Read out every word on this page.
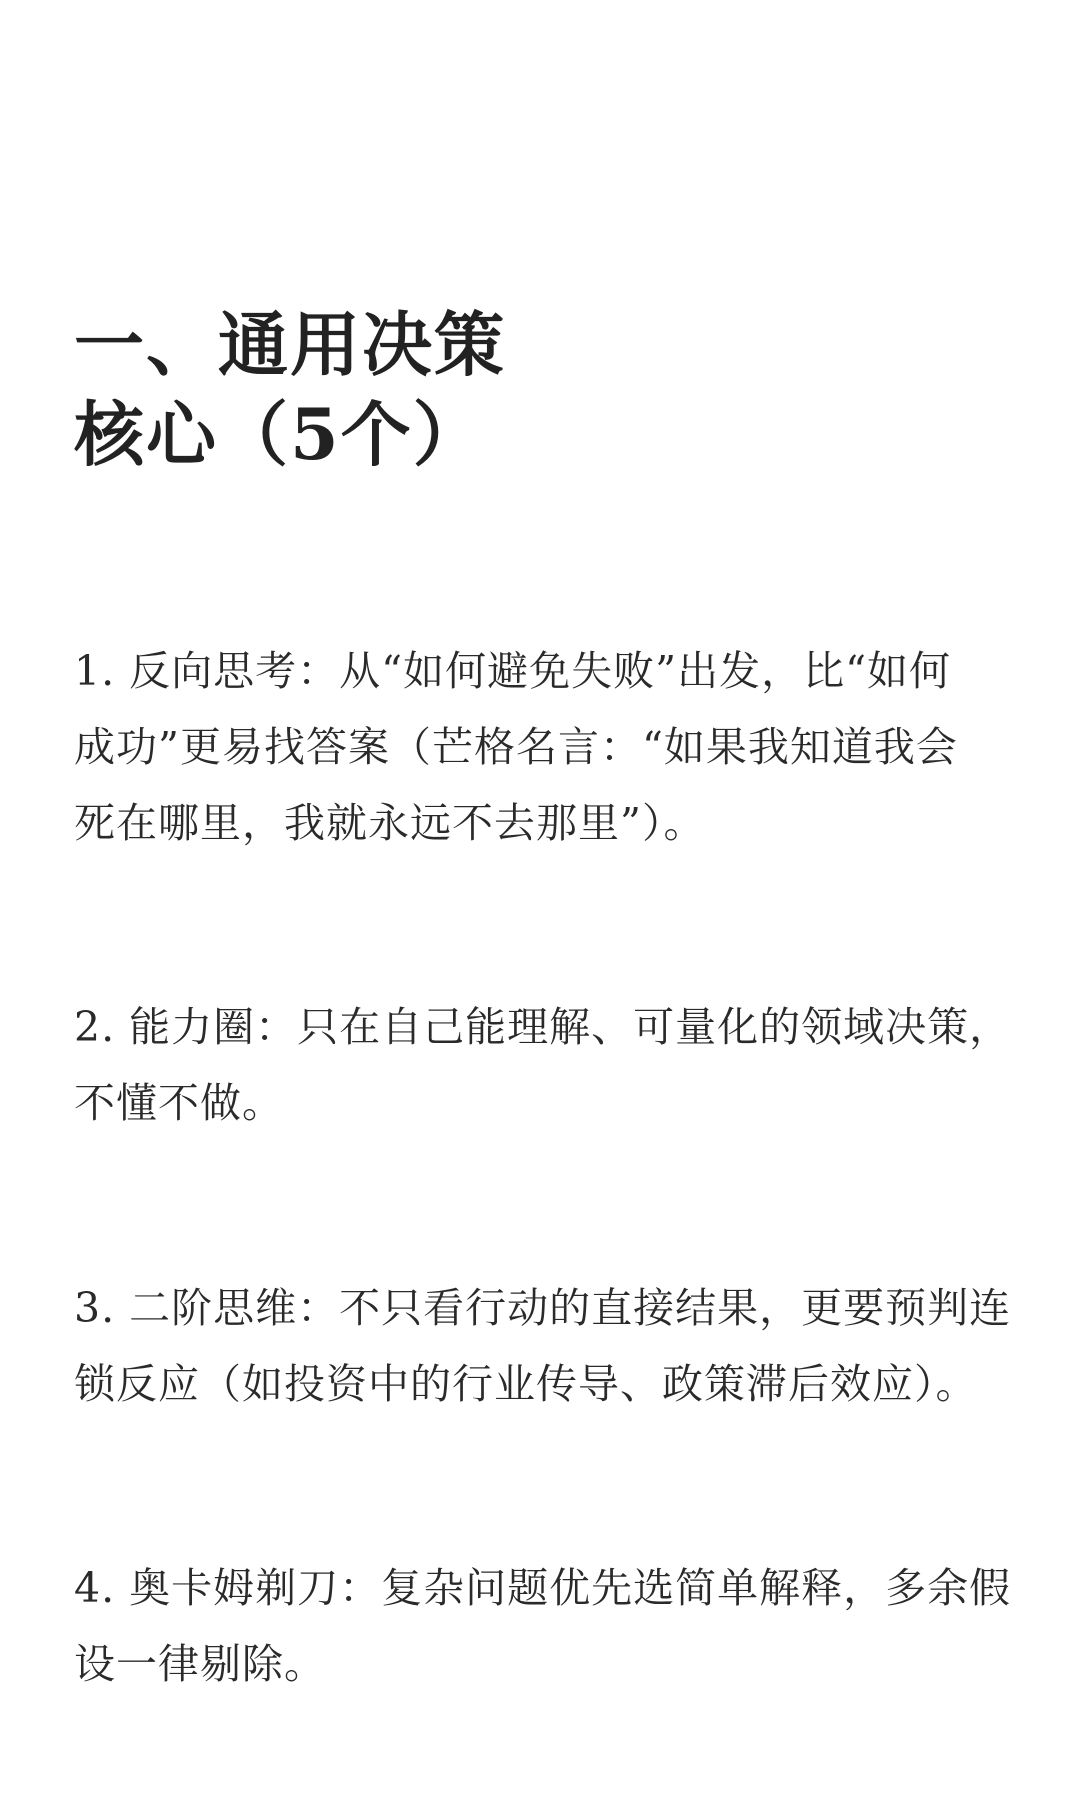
一、通用决策
核心（5个）

1. 反向思考：从“如何避免失败”出发，比“如何
成功”更易找答案（芒格名言：“如果我知道我会
死在哪里，我就永远不去那里”）。

2. 能力圈：只在自己能理解、可量化的领域决策，
不懂不做。

3. 二阶思维：不只看行动的直接结果，更要预判连
锁反应（如投资中的行业传导、政策滞后效应）。

4. 奥卡姆剃刀：复杂问题优先选简单解释，多余假
设一律剔除。
